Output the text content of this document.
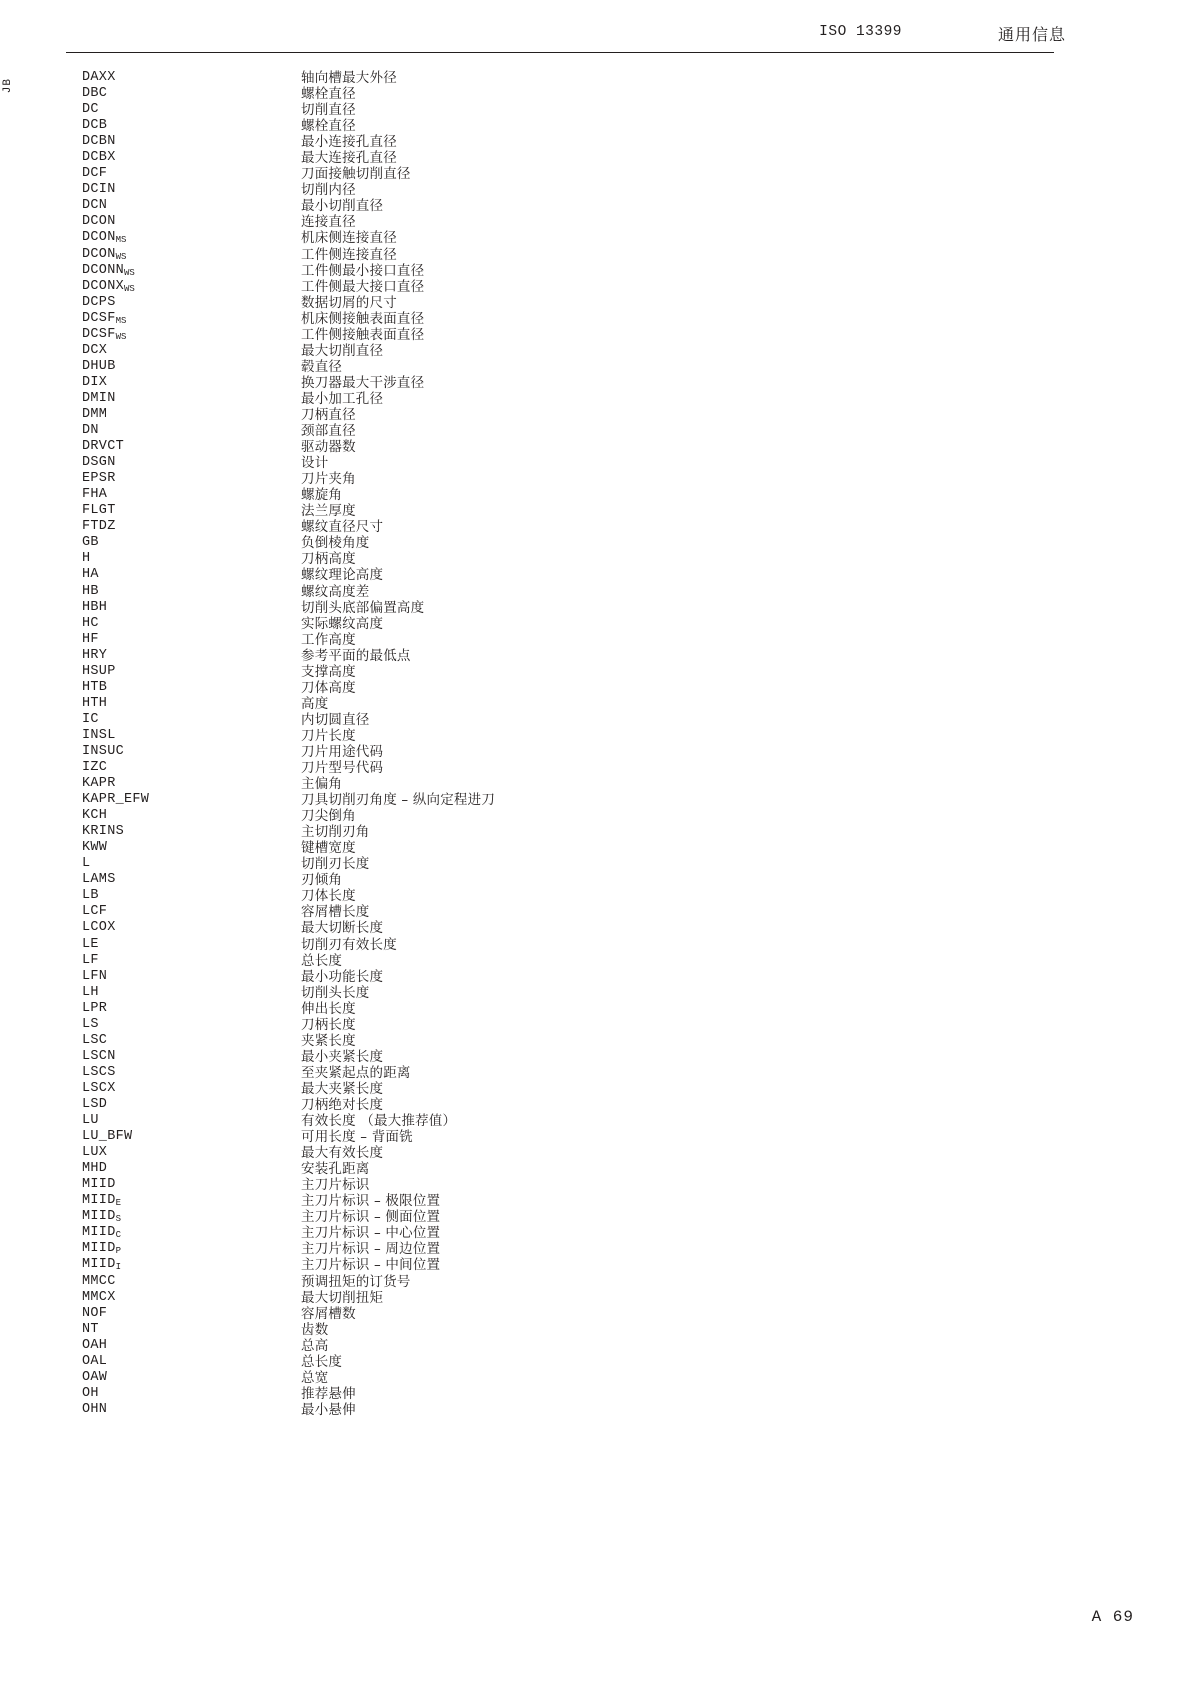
ISO 13399	通用信息
JB
DAXX	轴向槽最大外径
DBC	螺栓直径
DC	切削直径
DCB	螺栓直径
DCBN	最小连接孔直径
DCBX	最大连接孔直径
DCF	刀面接触切削直径
DCIN	切削内径
DCN	最小切削直径
DCON	连接直径
$DCON_{MS}$	机床侧连接直径
$DCON_{WS}$	工件侧连接直径
$DCONN_{WS}$	工件侧最小接口直径
$DCONX_{WS}$	工件侧最大接口直径
DCPS	数据切屑的尺寸
$DCSF_{MS}$	机床侧接触表面直径
$DCSF_{WS}$	工件侧接触表面直径
DCX	最大切削直径
DHUB	毂直径
DIX	换刀器最大干涉直径
DMIN	最小加工孔径
DMM	刀柄直径
DN	颈部直径
DRVCT	驱动器数
DSGN	设计
EPSR	刀片夹角
FHA	螺旋角
FLGT	法兰厚度
FTDZ	螺纹直径尺寸
GB	负倒棱角度
H	刀柄高度
HA	螺纹理论高度
HB	螺纹高度差
HBH	切削头底部偏置高度
HC	实际螺纹高度
HF	工作高度
HRY	参考平面的最低点
HSUP	支撑高度
HTB	刀体高度
HTH	高度
IC	内切圆直径
INSL	刀片长度
INSUC	刀片用途代码
IZC	刀片型号代码
KAPR	主偏角
KAPR_EFW	刀具切削刃角度 – 纵向定程进刀
KCH	刀尖倒角
KRINS	主切削刃角
KWW	键槽宽度
L	切削刃长度
LAMS	刃倾角
LB	刀体长度
LCF	容屑槽长度
LCOX	最大切断长度
LE	切削刃有效长度
LF	总长度
LFN	最小功能长度
LH	切削头长度
LPR	伸出长度
LS	刀柄长度
LSC	夹紧长度
LSCN	最小夹紧长度
LSCS	至夹紧起点的距离
LSCX	最大夹紧长度
LSD	刀柄绝对长度
LU	有效长度 （最大推荐值）
LU_BFW	可用长度 – 背面铣
LUX	最大有效长度
MHD	安装孔距离
MIID	主刀片标识
$MIID_E$	主刀片标识 – 极限位置
$MIID_S$	主刀片标识 – 侧面位置
$MIID_C$	主刀片标识 – 中心位置
$MIID_P$	主刀片标识 – 周边位置
$MIID_I$	主刀片标识 – 中间位置
MMCC	预调扭矩的订货号
MMCX	最大切削扭矩
NOF	容屑槽数
NT	齿数
OAH	总高
OAL	总长度
OAW	总宽
OH	推荐悬伸
OHN	最小悬伸
A 69
